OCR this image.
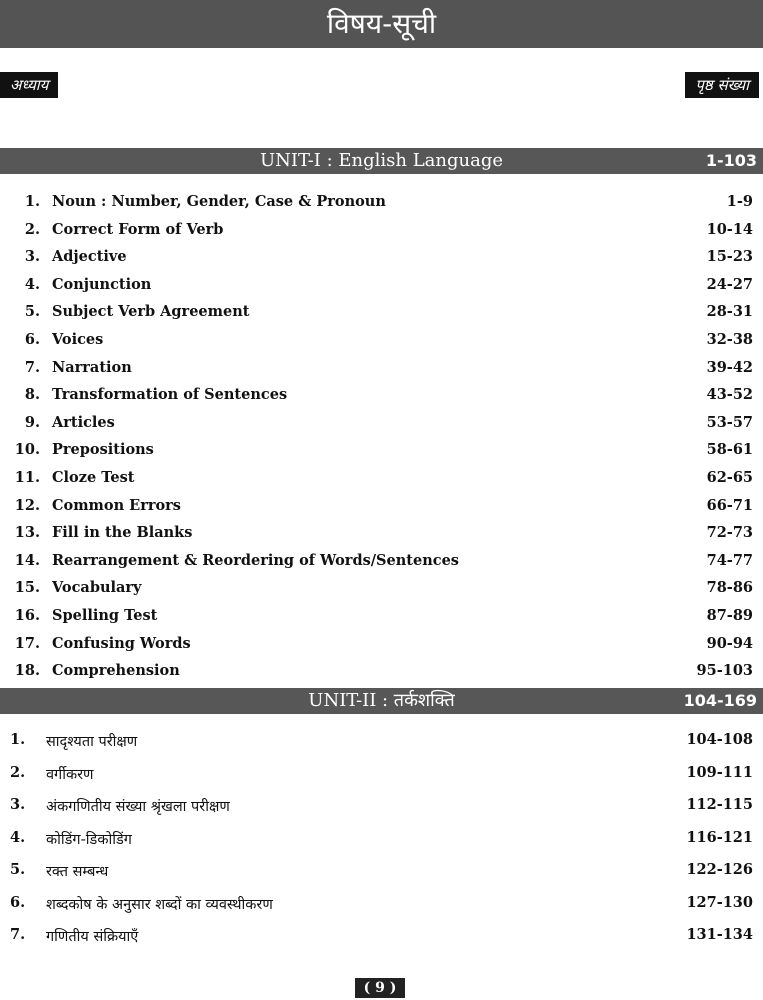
विषय-सूची
अध्याय	पृष्ठ संख्या
UNIT-I : English Language	1-103
1. Noun : Number, Gender, Case & Pronoun	1-9
2. Correct Form of Verb	10-14
3. Adjective	15-23
4. Conjunction	24-27
5. Subject Verb Agreement	28-31
6. Voices	32-38
7. Narration	39-42
8. Transformation of Sentences	43-52
9. Articles	53-57
10. Prepositions	58-61
11. Cloze Test	62-65
12. Common Errors	66-71
13. Fill in the Blanks	72-73
14. Rearrangement & Reordering of Words/Sentences	74-77
15. Vocabulary	78-86
16. Spelling Test	87-89
17. Confusing Words	90-94
18. Comprehension	95-103
UNIT-II : तर्कशक्ति	104-169
1. सादृश्यता परीक्षण	104-108
2. वर्गीकरण	109-111
3. अंकगणितीय संख्या श्रृंखला परीक्षण	112-115
4. कोडिंग-डिकोडिंग	116-121
5. रक्त सम्बन्ध	122-126
6. शब्दकोष के अनुसार शब्दों का व्यवस्थीकरण	127-130
7. गणितीय संक्रियाएँ	131-134
( 9 )
